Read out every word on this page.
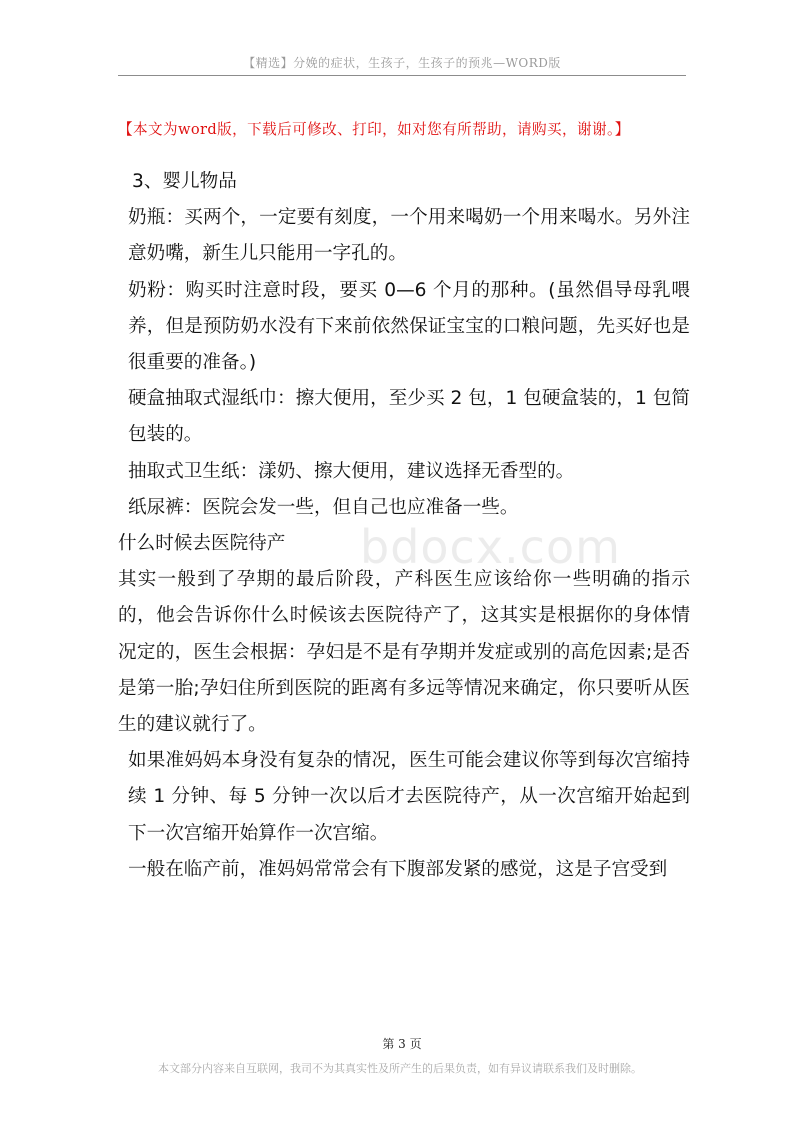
【精选】分娩的症状，生孩子，生孩子的预兆—WORD版
【本文为word版，下载后可修改、打印，如对您有所帮助，请购买，谢谢。】

3、婴儿物品

奶瓶：买两个，一定要有刻度，一个用来喝奶一个用来喝水。另外注意奶嘴，新生儿只能用一字孔的。

奶粉：购买时注意时段，要买 0—6 个月的那种。(虽然倡导母乳喂养，但是预防奶水没有下来前依然保证宝宝的口粮问题，先买好也是很重要的准备。)

硬盒抽取式湿纸巾：擦大便用，至少买 2 包，1 包硬盒装的，1 包简包装的。

抽取式卫生纸：漾奶、擦大便用，建议选择无香型的。

纸尿裤：医院会发一些，但自己也应准备一些。

什么时候去医院待产

其实一般到了孕期的最后阶段，产科医生应该给你一些明确的指示的，他会告诉你什么时候该去医院待产了，这其实是根据你的身体情况定的，医生会根据：孕妇是不是有孕期并发症或别的高危因素;是否是第一胎;孕妇住所到医院的距离有多远等情况来确定，你只要听从医生的建议就行了。

如果准妈妈本身没有复杂的情况，医生可能会建议你等到每次宫缩持续 1 分钟、每 5 分钟一次以后才去医院待产，从一次宫缩开始起到下一次宫缩开始算作一次宫缩。

一般在临产前，准妈妈常常会有下腹部发紧的感觉，这是子宫受到

bdocx.com
第 3 页
本文部分内容来自互联网，我司不为其真实性及所产生的后果负责，如有异议请联系我们及时删除。
